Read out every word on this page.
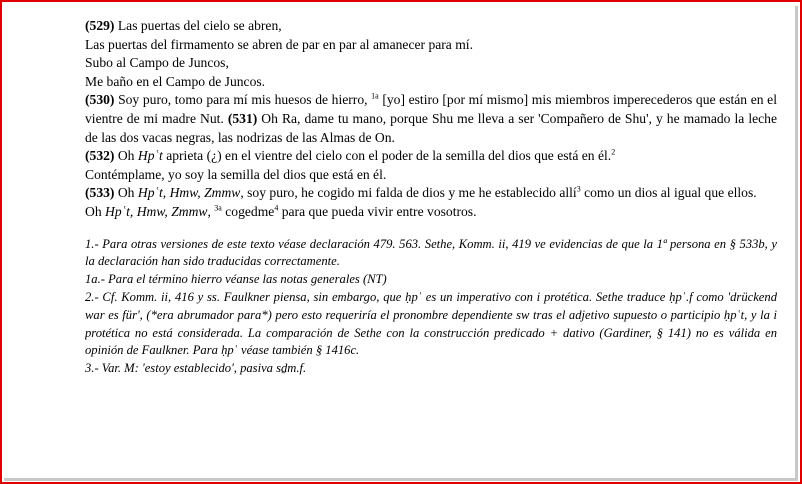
(529) Las puertas del cielo se abren,

Las puertas del firmamento se abren de par en par al amanecer para mí.

Subo al Campo de Juncos,

Me baño en el Campo de Juncos.

(530) Soy puro, tomo para mí mis huesos de hierro, $^{1a}$ [yo] estiro [por mí mismo] mis miembros imperecederos que están en el vientre de mi madre Nut. (531) Oh Ra, dame tu mano, porque Shu me lleva a ser 'Compañero de Shu', y he mamado la leche de las dos vacas negras, las nodrizas de las Almas de On.

(532) Oh Hpʿt aprieta (¿) en el vientre del cielo con el poder de la semilla del dios que está en él.$^2$

Contémplame, yo soy la semilla del dios que está en él.

(533) Oh Hpʿt, Hmw, Zmmw, soy puro, he cogido mi falda de dios y me he establecido allí$^3$ como un dios al igual que ellos.

Oh Hpʿt, Hmw, Zmmw, $^{3a}$ cogedme$^4$ para que pueda vivir entre vosotros.

1.- Para otras versiones de este texto véase declaración 479. 563. Sethe, Komm. ii, 419 ve evidencias de que la 1ª persona en § 533b, y la declaración han sido traducidas correctamente.

1a.- Para el término hierro véanse las notas generales (NT)

2.- Cf. Komm. ii, 416 y ss. Faulkner piensa, sin embargo, que ḥpʿ es un imperativo con i protética. Sethe traduce ḥpʿ.f como 'drückend war es für', (*era abrumador para*) pero esto requeriría el pronombre dependiente sw tras el adjetivo supuesto o participio ḥpʿt, y la i protética no está considerada. La comparación de Sethe con la construcción predicado + dativo (Gardiner, § 141) no es válida en opinión de Faulkner. Para ḥpʿ véase también § 1416c.

3.- Var. M: 'estoy establecido', pasiva sḏm.f.
